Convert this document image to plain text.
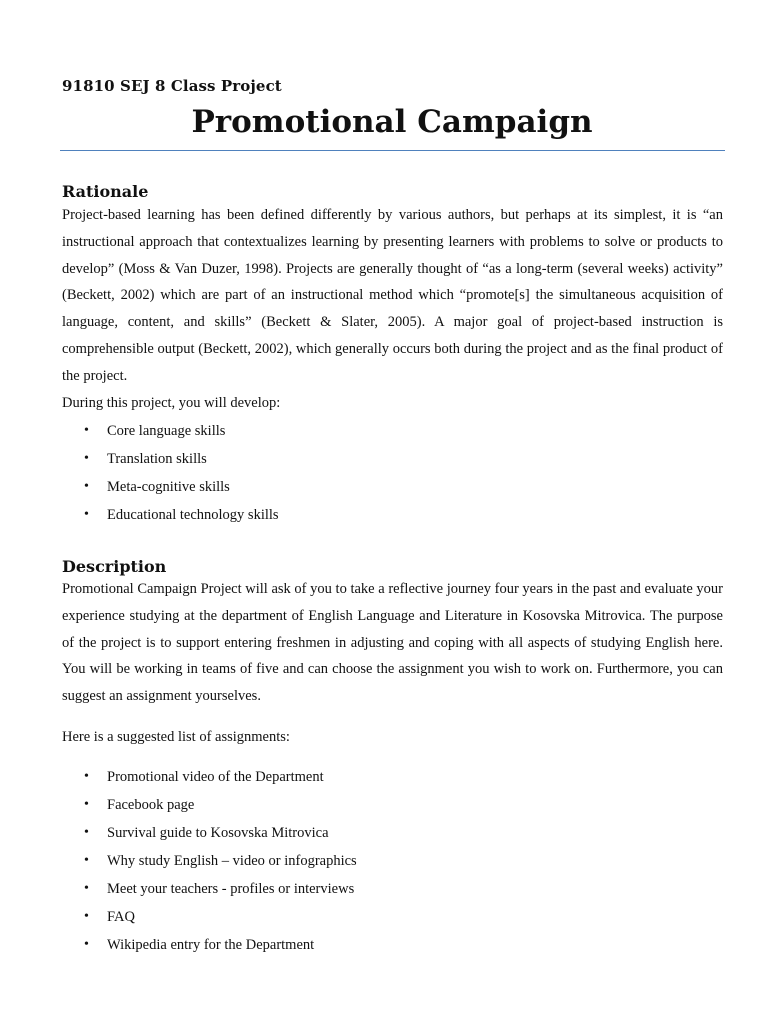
91810 SEJ 8 Class Project
Promotional Campaign
Rationale

Project-based learning has been defined differently by various authors, but perhaps at its simplest, it is “an instructional approach that contextualizes learning by presenting learners with problems to solve or products to develop” (Moss & Van Duzer, 1998). Projects are generally thought of “as a long-term (several weeks) activity” (Beckett, 2002) which are part of an instructional method which “promote[s] the simultaneous acquisition of language, content, and skills” (Beckett & Slater, 2005). A major goal of project-based instruction is comprehensible output (Beckett, 2002), which generally occurs both during the project and as the final product of the project.

During this project, you will develop:

• Core language skills
• Translation skills
• Meta-cognitive skills
• Educational technology skills
Description

Promotional Campaign Project will ask of you to take a reflective journey four years in the past and evaluate your experience studying at the department of English Language and Literature in Kosovska Mitrovica. The purpose of the project is to support entering freshmen in adjusting and coping with all aspects of studying English here. You will be working in teams of five and can choose the assignment you wish to work on. Furthermore, you can suggest an assignment yourselves.

Here is a suggested list of assignments:

• Promotional video of the Department
• Facebook page
• Survival guide to Kosovska Mitrovica
• Why study English – video or infographics
• Meet your teachers - profiles or interviews
• FAQ
• Wikipedia entry for the Department
